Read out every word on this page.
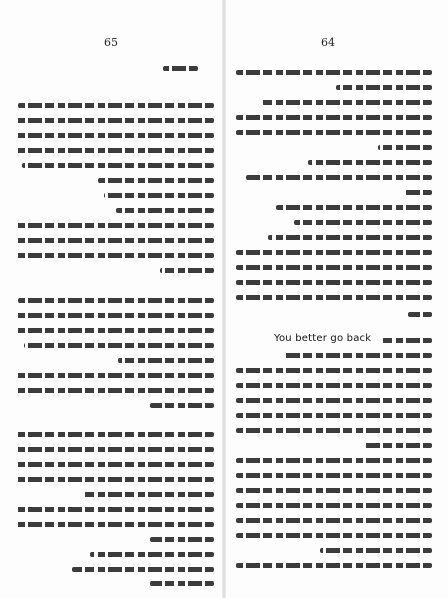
65	64
You better go back
